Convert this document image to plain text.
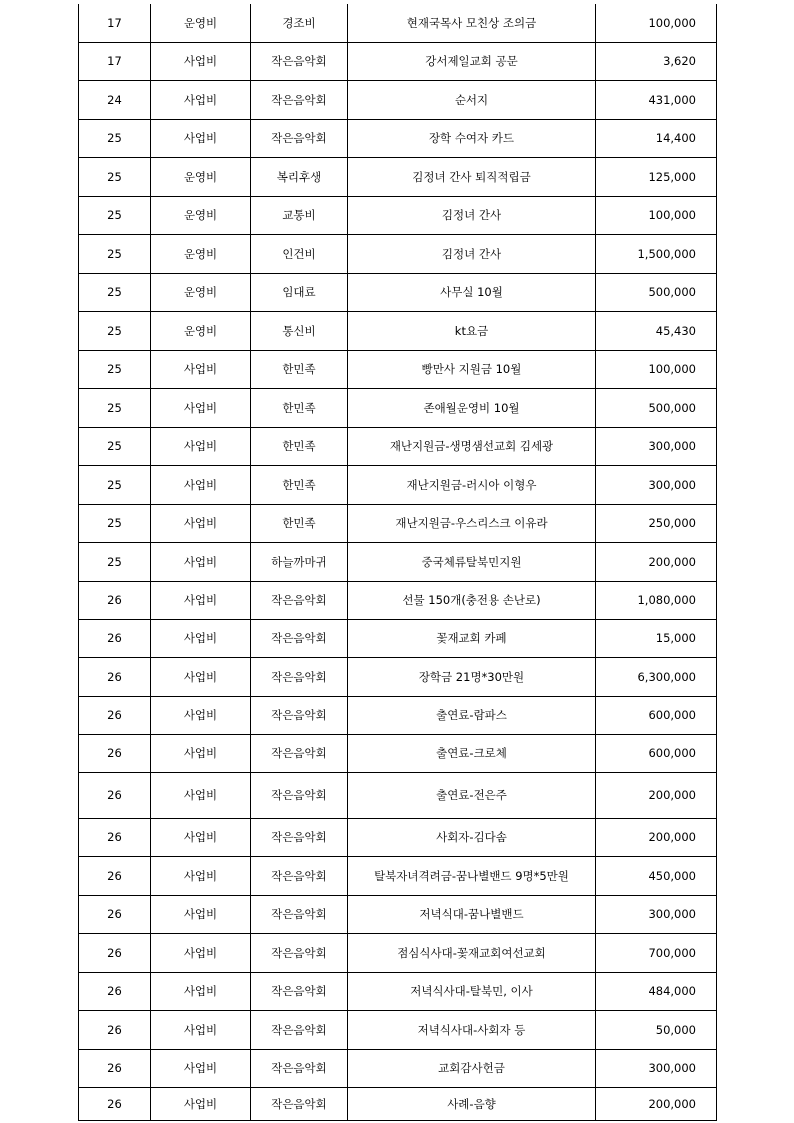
17	운영비	경조비	현재국목사 모친상 조의금	100,000
17	사업비	작은음악회	강서제일교회 공문	3,620
24	사업비	작은음악회	순서지	431,000
25	사업비	작은음악회	장학 수여자 카드	14,400
25	운영비	복리후생	김정녀 간사 퇴직적립금	125,000
25	운영비	교통비	김정녀 간사	100,000
25	운영비	인건비	김정녀 간사	1,500,000
25	운영비	임대료	사무실 10월	500,000
25	운영비	통신비	kt요금	45,430
25	사업비	한민족	빵만사 지원금 10월	100,000
25	사업비	한민족	존애월운영비 10월	500,000
25	사업비	한민족	재난지원금-생명샘선교회 김세광	300,000
25	사업비	한민족	재난지원금-러시아 이형우	300,000
25	사업비	한민족	재난지원금-우스리스크 이유라	250,000
25	사업비	하늘까마귀	중국체류탈북민지원	200,000
26	사업비	작은음악회	선물 150개(충전용 손난로)	1,080,000
26	사업비	작은음악회	꽃재교회 카페	15,000
26	사업비	작은음악회	장학금 21명*30만원	6,300,000
26	사업비	작은음악회	출연료-람파스	600,000
26	사업비	작은음악회	출연료-크로체	600,000
26	사업비	작은음악회	출연료-전은주	200,000
26	사업비	작은음악회	사회자-김다솜	200,000
26	사업비	작은음악회	탈북자녀격려금-꿈나별밴드 9명*5만원	450,000
26	사업비	작은음악회	저녁식대-꿈나별밴드	300,000
26	사업비	작은음악회	점심식사대-꽃재교회여선교회	700,000
26	사업비	작은음악회	저녁식사대-탈북민, 이사	484,000
26	사업비	작은음악회	저녁식사대-사회자 등	50,000
26	사업비	작은음악회	교회감사헌금	300,000
26	사업비	작은음악회	사례-음향	200,000
